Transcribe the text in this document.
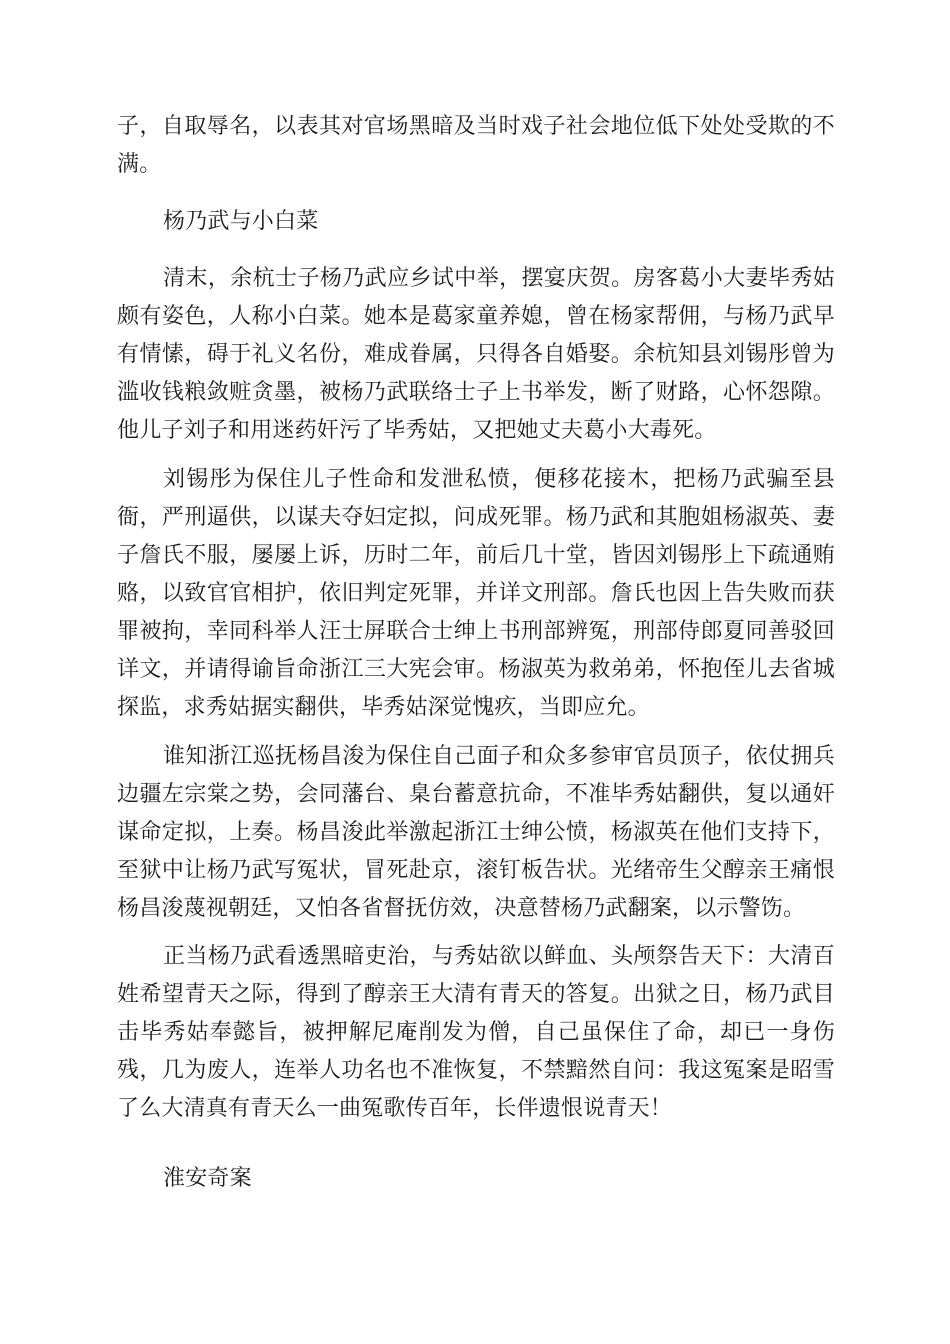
子，自取辱名，以表其对官场黑暗及当时戏子社会地位低下处处受欺的不
满。
杨乃武与小白菜
清末，余杭士子杨乃武应乡试中举，摆宴庆贺。房客葛小大妻毕秀姑
颇有姿色，人称小白菜。她本是葛家童养媳，曾在杨家帮佣，与杨乃武早
有情愫，碍于礼义名份，难成眷属，只得各自婚娶。余杭知县刘锡彤曾为
滥收钱粮敛赃贪墨，被杨乃武联络士子上书举发，断了财路，心怀怨隙。
他儿子刘子和用迷药奸污了毕秀姑，又把她丈夫葛小大毒死。
刘锡彤为保住儿子性命和发泄私愤，便移花接木，把杨乃武骗至县
衙，严刑逼供，以谋夫夺妇定拟，问成死罪。杨乃武和其胞姐杨淑英、妻
子詹氏不服，屡屡上诉，历时二年，前后几十堂，皆因刘锡彤上下疏通贿
赂，以致官官相护，依旧判定死罪，并详文刑部。詹氏也因上告失败而获
罪被拘，幸同科举人汪士屏联合士绅上书刑部辨冤，刑部侍郎夏同善驳回
详文，并请得谕旨命浙江三大宪会审。杨淑英为救弟弟，怀抱侄儿去省城
探监，求秀姑据实翻供，毕秀姑深觉愧疚，当即应允。
谁知浙江巡抚杨昌浚为保住自己面子和众多参审官员顶子，依仗拥兵
边疆左宗棠之势，会同藩台、臬台蓄意抗命，不准毕秀姑翻供，复以通奸
谋命定拟，上奏。杨昌浚此举激起浙江士绅公愤，杨淑英在他们支持下，
至狱中让杨乃武写冤状，冒死赴京，滚钉板告状。光绪帝生父醇亲王痛恨
杨昌浚蔑视朝廷，又怕各省督抚仿效，决意替杨乃武翻案，以示警饬。
正当杨乃武看透黑暗吏治，与秀姑欲以鲜血、头颅祭告天下：大清百
姓希望青天之际，得到了醇亲王大清有青天的答复。出狱之日，杨乃武目
击毕秀姑奉懿旨，被押解尼庵削发为僧，自己虽保住了命，却已一身伤
残，几为废人，连举人功名也不准恢复，不禁黯然自问：我这冤案是昭雪
了么大清真有青天么一曲冤歌传百年，长伴遗恨说青天！
淮安奇案
